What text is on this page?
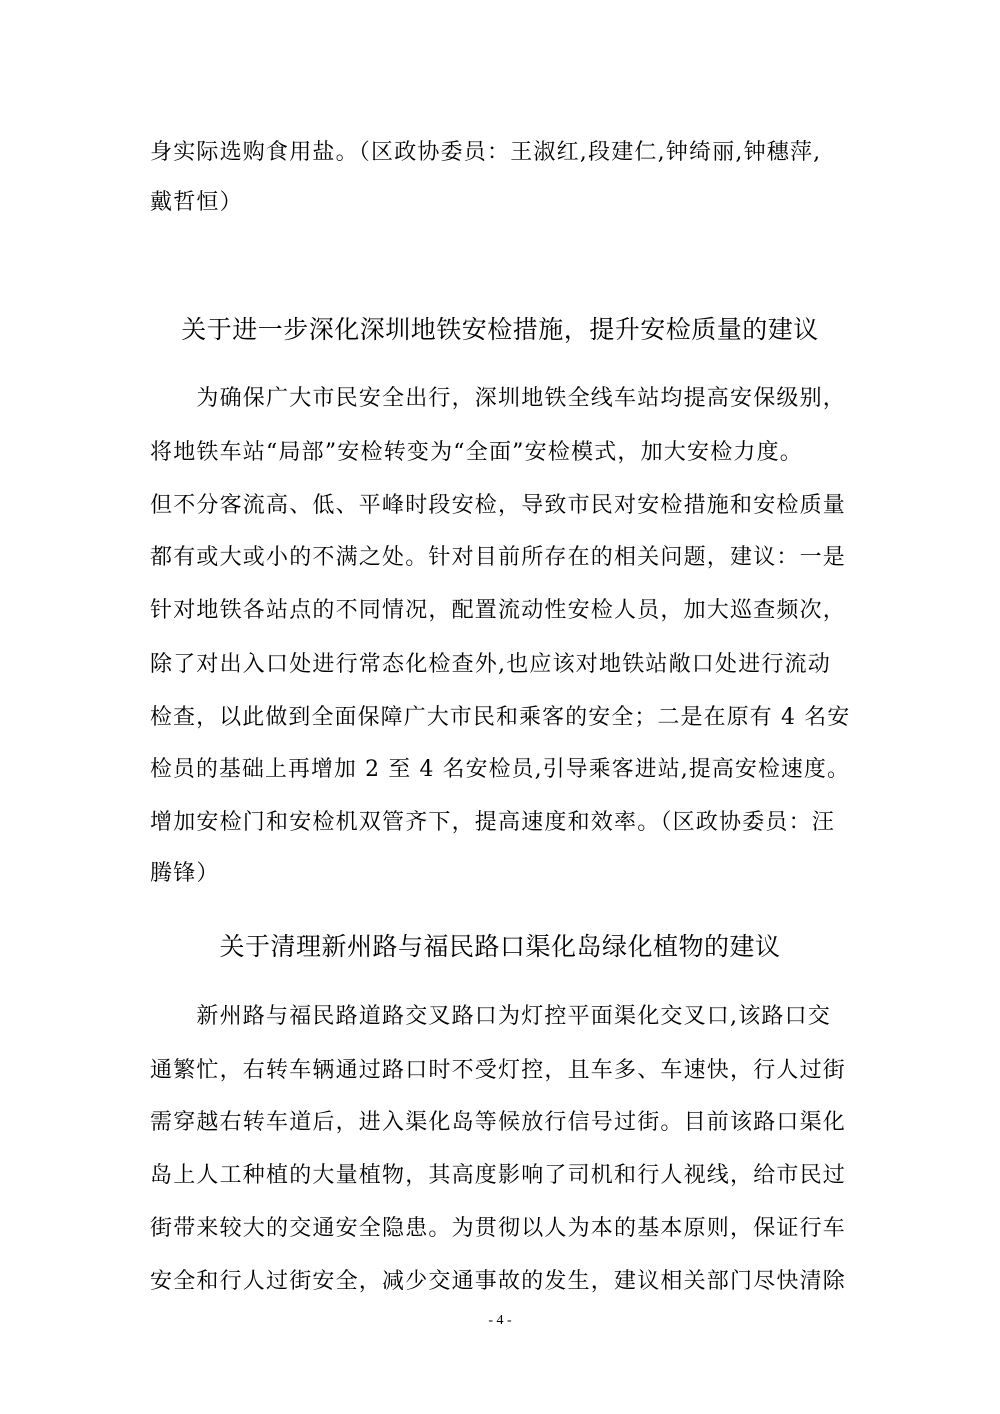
身实际选购食用盐。（区政协委员：王淑红,段建仁,钟绮丽,钟穗萍,
戴哲恒）
关于进一步深化深圳地铁安检措施，提升安检质量的建议
　　为确保广大市民安全出行，深圳地铁全线车站均提高安保级别，
将地铁车站“局部”安检转变为“全面”安检模式，加大安检力度。
但不分客流高、低、平峰时段安检，导致市民对安检措施和安检质量
都有或大或小的不满之处。针对目前所存在的相关问题，建议：一是
针对地铁各站点的不同情况，配置流动性安检人员，加大巡查频次，
除了对出入口处进行常态化检查外,也应该对地铁站敞口处进行流动
检查，以此做到全面保障广大市民和乘客的安全；二是在原有 4 名安
检员的基础上再增加 2 至 4 名安检员,引导乘客进站,提高安检速度。
增加安检门和安检机双管齐下，提高速度和效率。（区政协委员：汪
腾锋）
关于清理新州路与福民路口渠化岛绿化植物的建议
　　新州路与福民路道路交叉路口为灯控平面渠化交叉口,该路口交
通繁忙，右转车辆通过路口时不受灯控，且车多、车速快，行人过街
需穿越右转车道后，进入渠化岛等候放行信号过街。目前该路口渠化
岛上人工种植的大量植物，其高度影响了司机和行人视线，给市民过
街带来较大的交通安全隐患。为贯彻以人为本的基本原则，保证行车
安全和行人过街安全，减少交通事故的发生，建议相关部门尽快清除
- 4 -
